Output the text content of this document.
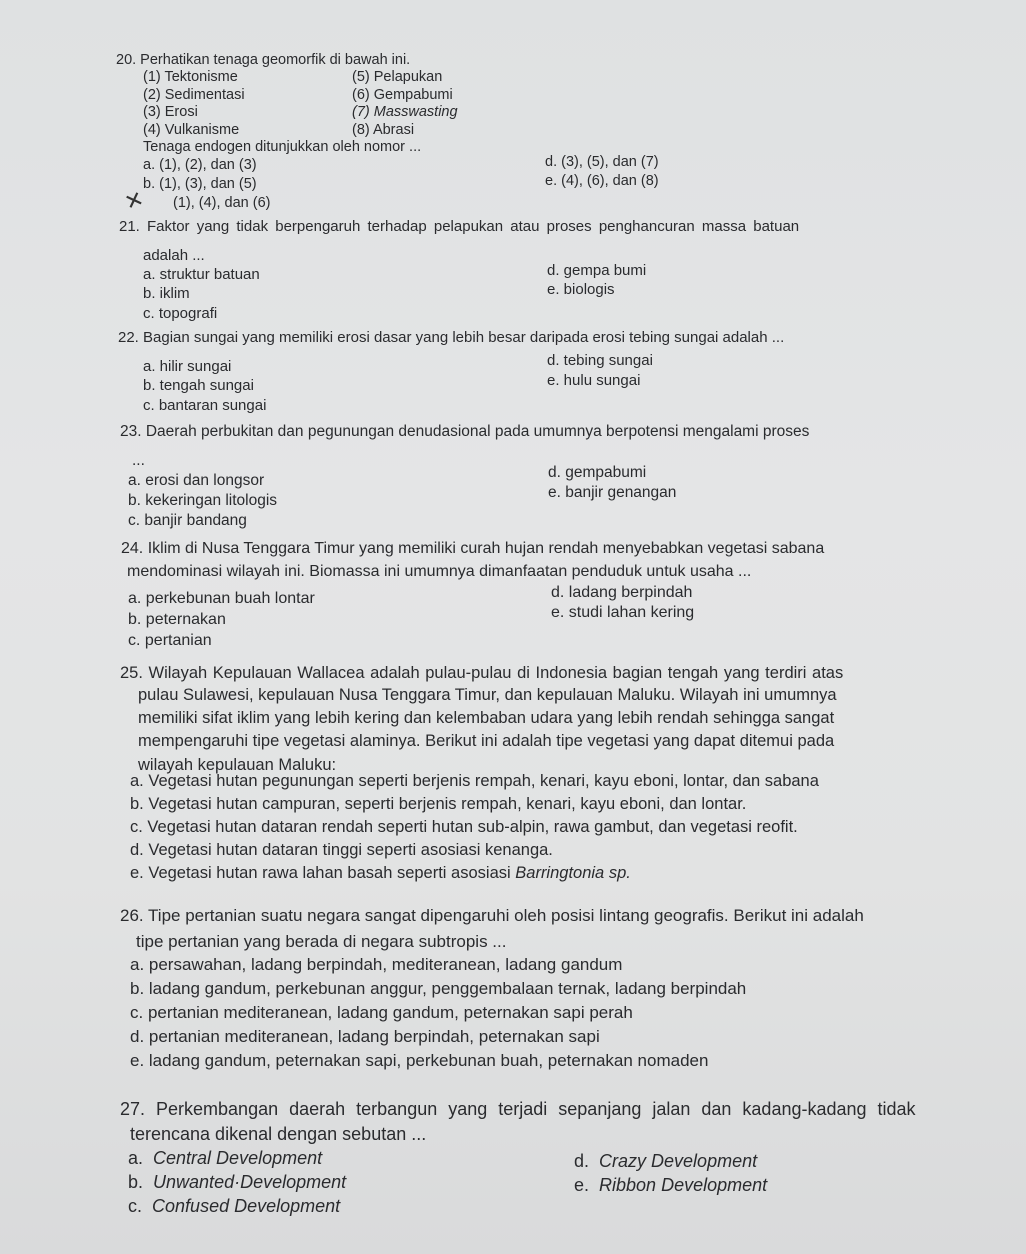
20. Perhatikan tenaga geomorfik di bawah ini.
(1) Tektonisme	(5) Pelapukan
(2) Sedimentasi	(6) Gempabumi
(3) Erosi	(7) Masswasting
(4) Vulkanisme	(8) Abrasi
Tenaga endogen ditunjukkan oleh nomor ...
a. (1), (2), dan (3)	d. (3), (5), dan (7)
b. (1), (3), dan (5)	e. (4), (6), dan (8)
✕ (1), (4), dan (6)
21. Faktor yang tidak berpengaruh terhadap pelapukan atau proses penghancuran massa batuan
adalah ...
a. struktur batuan	d. gempa bumi
b. iklim	e. biologis
c. topografi
22. Bagian sungai yang memiliki erosi dasar yang lebih besar daripada erosi tebing sungai adalah ...
a. hilir sungai	d. tebing sungai
b. tengah sungai	e. hulu sungai
c. bantaran sungai
23. Daerah perbukitan dan pegunungan denudasional pada umumnya berpotensi mengalami proses
...
a. erosi dan longsor	d. gempabumi
b. kekeringan litologis	e. banjir genangan
c. banjir bandang
24. Iklim di Nusa Tenggara Timur yang memiliki curah hujan rendah menyebabkan vegetasi sabana
mendominasi wilayah ini. Biomassa ini umumnya dimanfaatan penduduk untuk usaha ...
a. perkebunan buah lontar	d. ladang berpindah
b. peternakan	e. studi lahan kering
c. pertanian
25. Wilayah Kepulauan Wallacea adalah pulau-pulau di Indonesia bagian tengah yang terdiri atas
pulau Sulawesi, kepulauan Nusa Tenggara Timur, dan kepulauan Maluku. Wilayah ini umumnya
memiliki sifat iklim yang lebih kering dan kelembaban udara yang lebih rendah sehingga sangat
mempengaruhi tipe vegetasi alaminya. Berikut ini adalah tipe vegetasi yang dapat ditemui pada
wilayah kepulauan Maluku:
a. Vegetasi hutan pegunungan seperti berjenis rempah, kenari, kayu eboni, lontar, dan sabana
b. Vegetasi hutan campuran, seperti berjenis rempah, kenari, kayu eboni, dan lontar.
c. Vegetasi hutan dataran rendah seperti hutan sub-alpin, rawa gambut, dan vegetasi reofit.
d. Vegetasi hutan dataran tinggi seperti asosiasi kenanga.
e. Vegetasi hutan rawa lahan basah seperti asosiasi Barringtonia sp.
26. Tipe pertanian suatu negara sangat dipengaruhi oleh posisi lintang geografis. Berikut ini adalah
tipe pertanian yang berada di negara subtropis ...
a. persawahan, ladang berpindah, mediteranean, ladang gandum
b. ladang gandum, perkebunan anggur, penggembalaan ternak, ladang berpindah
c. pertanian mediteranean, ladang gandum, peternakan sapi perah
d. pertanian mediteranean, ladang berpindah, peternakan sapi
e. ladang gandum, peternakan sapi, perkebunan buah, peternakan nomaden
27. Perkembangan daerah terbangun yang terjadi sepanjang jalan dan kadang-kadang tidak
terencana dikenal dengan sebutan ...
a. Central Development	d. Crazy Development
b. Unwanted·Development	e. Ribbon Development
c. Confused Development
